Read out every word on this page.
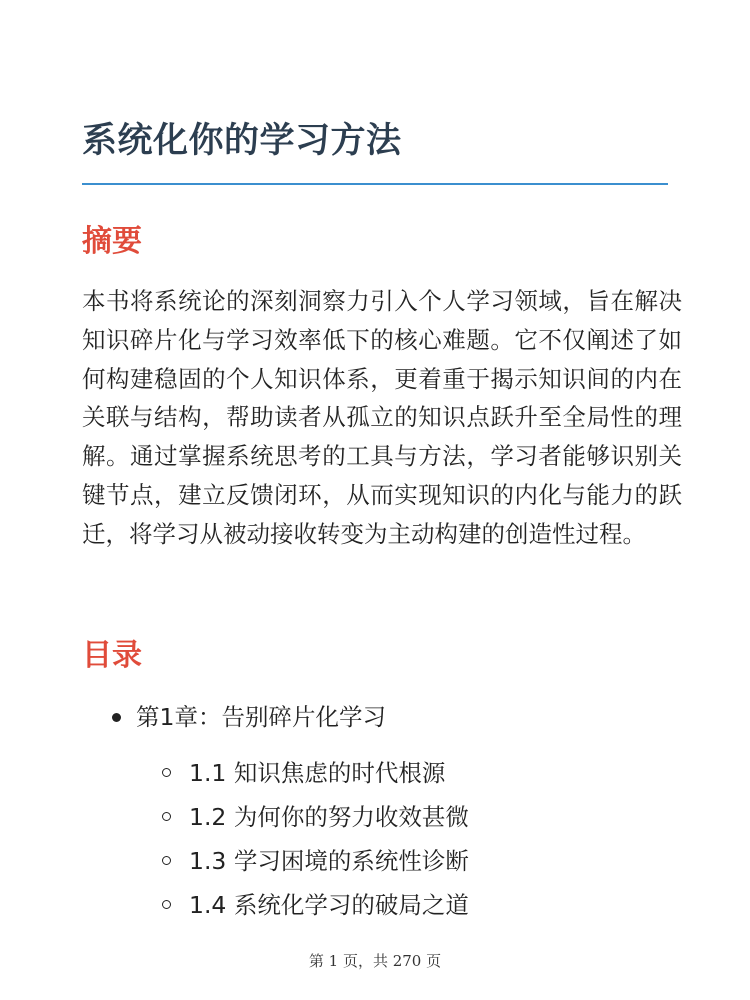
系统化你的学习方法
摘要

本书将系统论的深刻洞察力引入个人学习领域，旨在解决知识碎片化与学习效率低下的核心难题。它不仅阐述了如何构建稳固的个人知识体系，更着重于揭示知识间的内在关联与结构，帮助读者从孤立的知识点跃升至全局性的理解。通过掌握系统思考的工具与方法，学习者能够识别关键节点，建立反馈闭环，从而实现知识的内化与能力的跃迁，将学习从被动接收转变为主动构建的创造性过程。

目录
第1章：告别碎片化学习
1.1 知识焦虑的时代根源
1.2 为何你的努力收效甚微
1.3 学习困境的系统性诊断
1.4 系统化学习的破局之道
第 1 页，共 270 页
